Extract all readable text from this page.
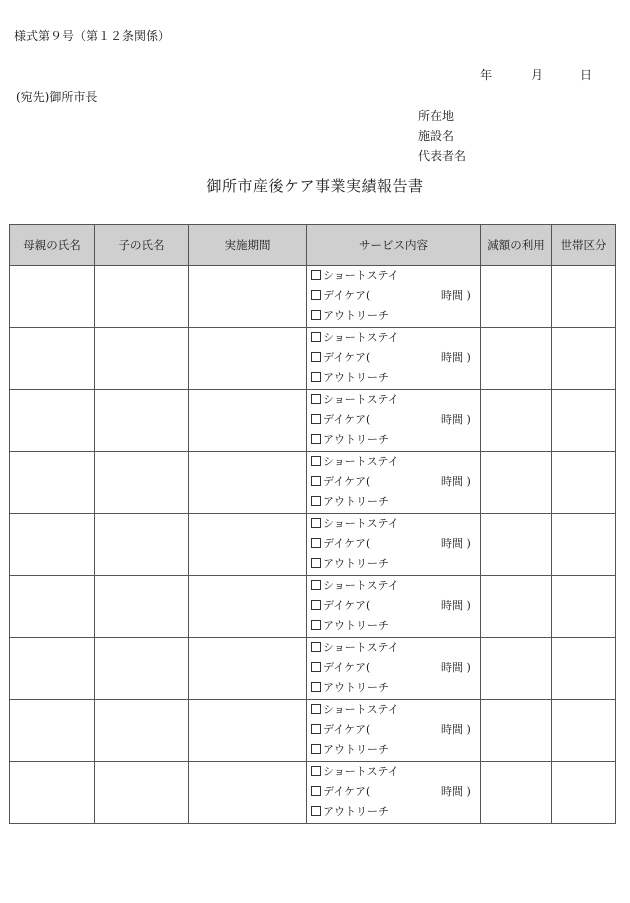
様式第９号（第１２条関係）
年	月	日
(宛先)御所市長
所在地
施設名
代表者名
御所市産後ケア事業実績報告書
母親の氏名	子の氏名	実施期間	サービス内容	減額の利用	世帯区分

			ショートステイ
デイケア( 時間 )
アウトリーチ		

			ショートステイ
デイケア( 時間 )
アウトリーチ		

			ショートステイ
デイケア( 時間 )
アウトリーチ		

			ショートステイ
デイケア( 時間 )
アウトリーチ		

			ショートステイ
デイケア( 時間 )
アウトリーチ		

			ショートステイ
デイケア( 時間 )
アウトリーチ		

			ショートステイ
デイケア( 時間 )
アウトリーチ		

			ショートステイ
デイケア( 時間 )
アウトリーチ		

			ショートステイ
デイケア( 時間 )
アウトリーチ		
